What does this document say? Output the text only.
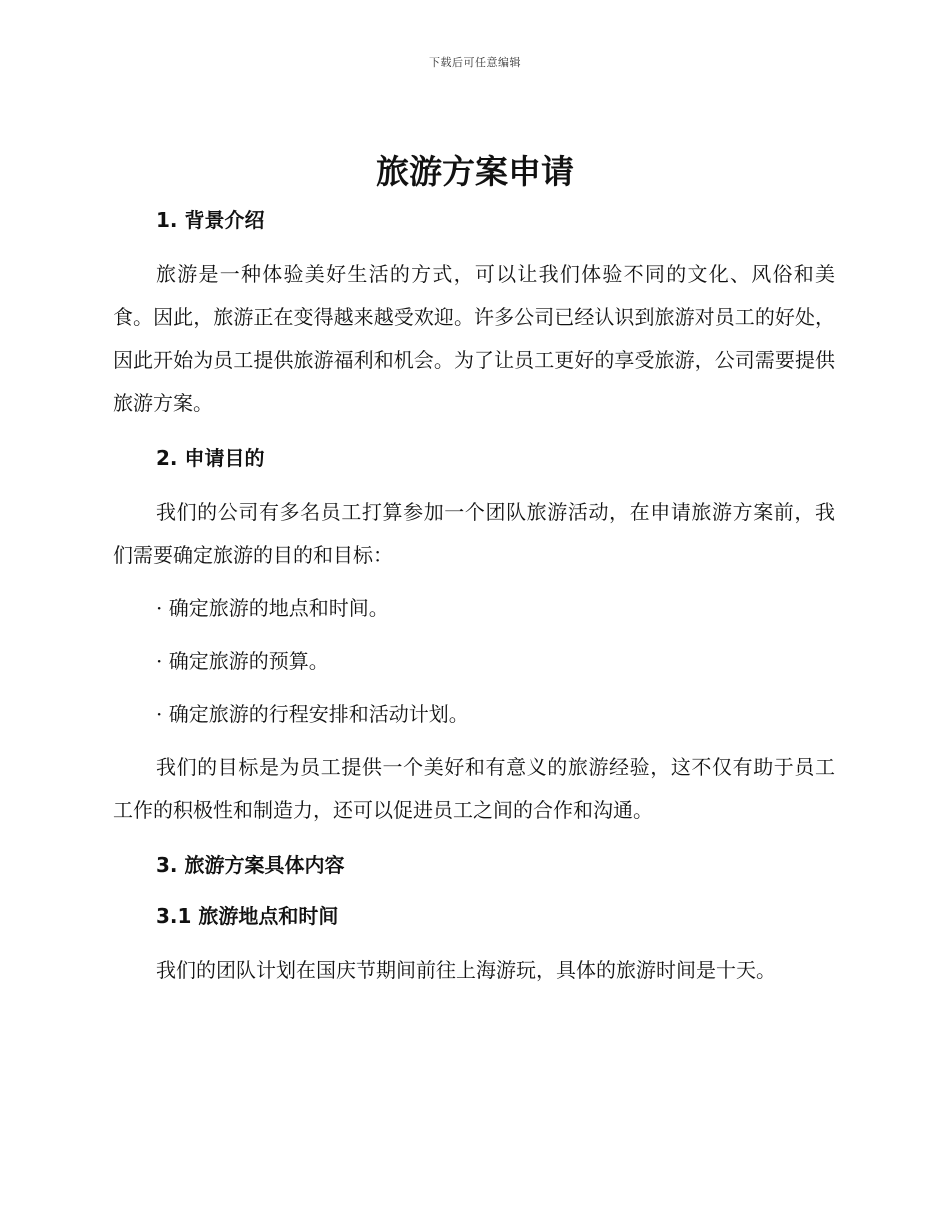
下载后可任意编辑
旅游方案申请
1. 背景介绍

旅游是一种体验美好生活的方式，可以让我们体验不同的文化、风俗和美食。因此，旅游正在变得越来越受欢迎。许多公司已经认识到旅游对员工的好处，因此开始为员工提供旅游福利和机会。为了让员工更好的享受旅游，公司需要提供旅游方案。

2. 申请目的

我们的公司有多名员工打算参加一个团队旅游活动，在申请旅游方案前，我们需要确定旅游的目的和目标：

· 确定旅游的地点和时间。

· 确定旅游的预算。

· 确定旅游的行程安排和活动计划。

我们的目标是为员工提供一个美好和有意义的旅游经验，这不仅有助于员工工作的积极性和制造力，还可以促进员工之间的合作和沟通。

3. 旅游方案具体内容
3.1 旅游地点和时间

我们的团队计划在国庆节期间前往上海游玩，具体的旅游时间是十天。
